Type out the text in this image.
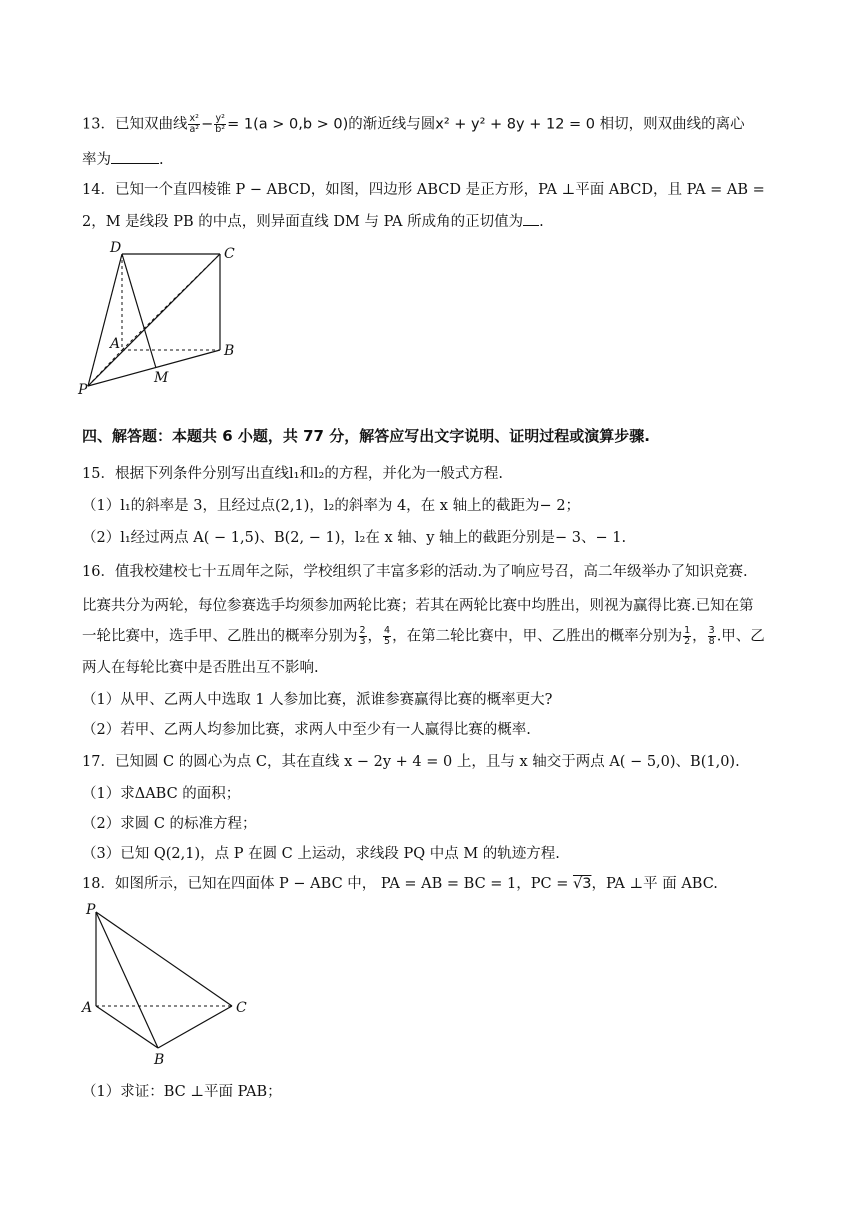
13．已知双曲线 $\frac{\text{x²}}{\text{a²}} - \frac{\text{y²}}{\text{b²}} = 1(a > 0,b > 0)$的渐近线与圆x² + y² + 8y + 12 = 0 相切，则双曲线的离心
率为	.
14．已知一个直四棱锥 P − ABCD，如图，四边形 ABCD 是正方形，PA ⊥平面 ABCD，且 PA = AB =
2，M 是线段 PB 的中点，则异面直线 DM 与 PA 所成角的正切值为 .
D	C
A	B
P
M
四、解答题：本题共 6 小题，共 77 分，解答应写出文字说明、证明过程或演算步骤.
15．根据下列条件分别写出直线l₁和l₂的方程，并化为一般式方程.
（1）l₁的斜率是 3，且经过点(2,1)，l₂的斜率为 4，在 x 轴上的截距为− 2；
（2）l₁经过两点 A( − 1,5)、B(2, − 1)，l₂在 x 轴、y 轴上的截距分别是− 3、− 1.
16．值我校建校七十五周年之际，学校组织了丰富多彩的活动.为了响应号召，高二年级举办了知识竞赛.
比赛共分为两轮，每位参赛选手均须参加两轮比赛；若其在两轮比赛中均胜出，则视为赢得比赛.已知在第
一轮比赛中，选手甲、乙胜出的概率分别为 $\frac{2}{3}$ ， $\frac{4}{5}$ ，在第二轮比赛中，甲、乙胜出的概率分别为 $\frac{1}{2}$ ， $\frac{3}{8}$ .甲、乙
两人在每轮比赛中是否胜出互不影响.
（1）从甲、乙两人中选取 1 人参加比赛，派谁参赛赢得比赛的概率更大?
（2）若甲、乙两人均参加比赛，求两人中至少有一人赢得比赛的概率.
17．已知圆 C 的圆心为点 C，其在直线 x − 2y + 4 = 0 上，且与 x 轴交于两点 A( − 5,0)、B(1,0).
（1）求ΔABC 的面积；
（2）求圆 C 的标准方程；
（3）已知 Q(2,1)，点 P 在圆 C 上运动，求线段 PQ 中点 M 的轨迹方程.
18．如图所示，已知在四面体 P − ABC 中， PA = AB = BC = 1，PC = √3，PA ⊥平 面 ABC.
P
A
B
C
（1）求证：BC ⊥平面 PAB；
